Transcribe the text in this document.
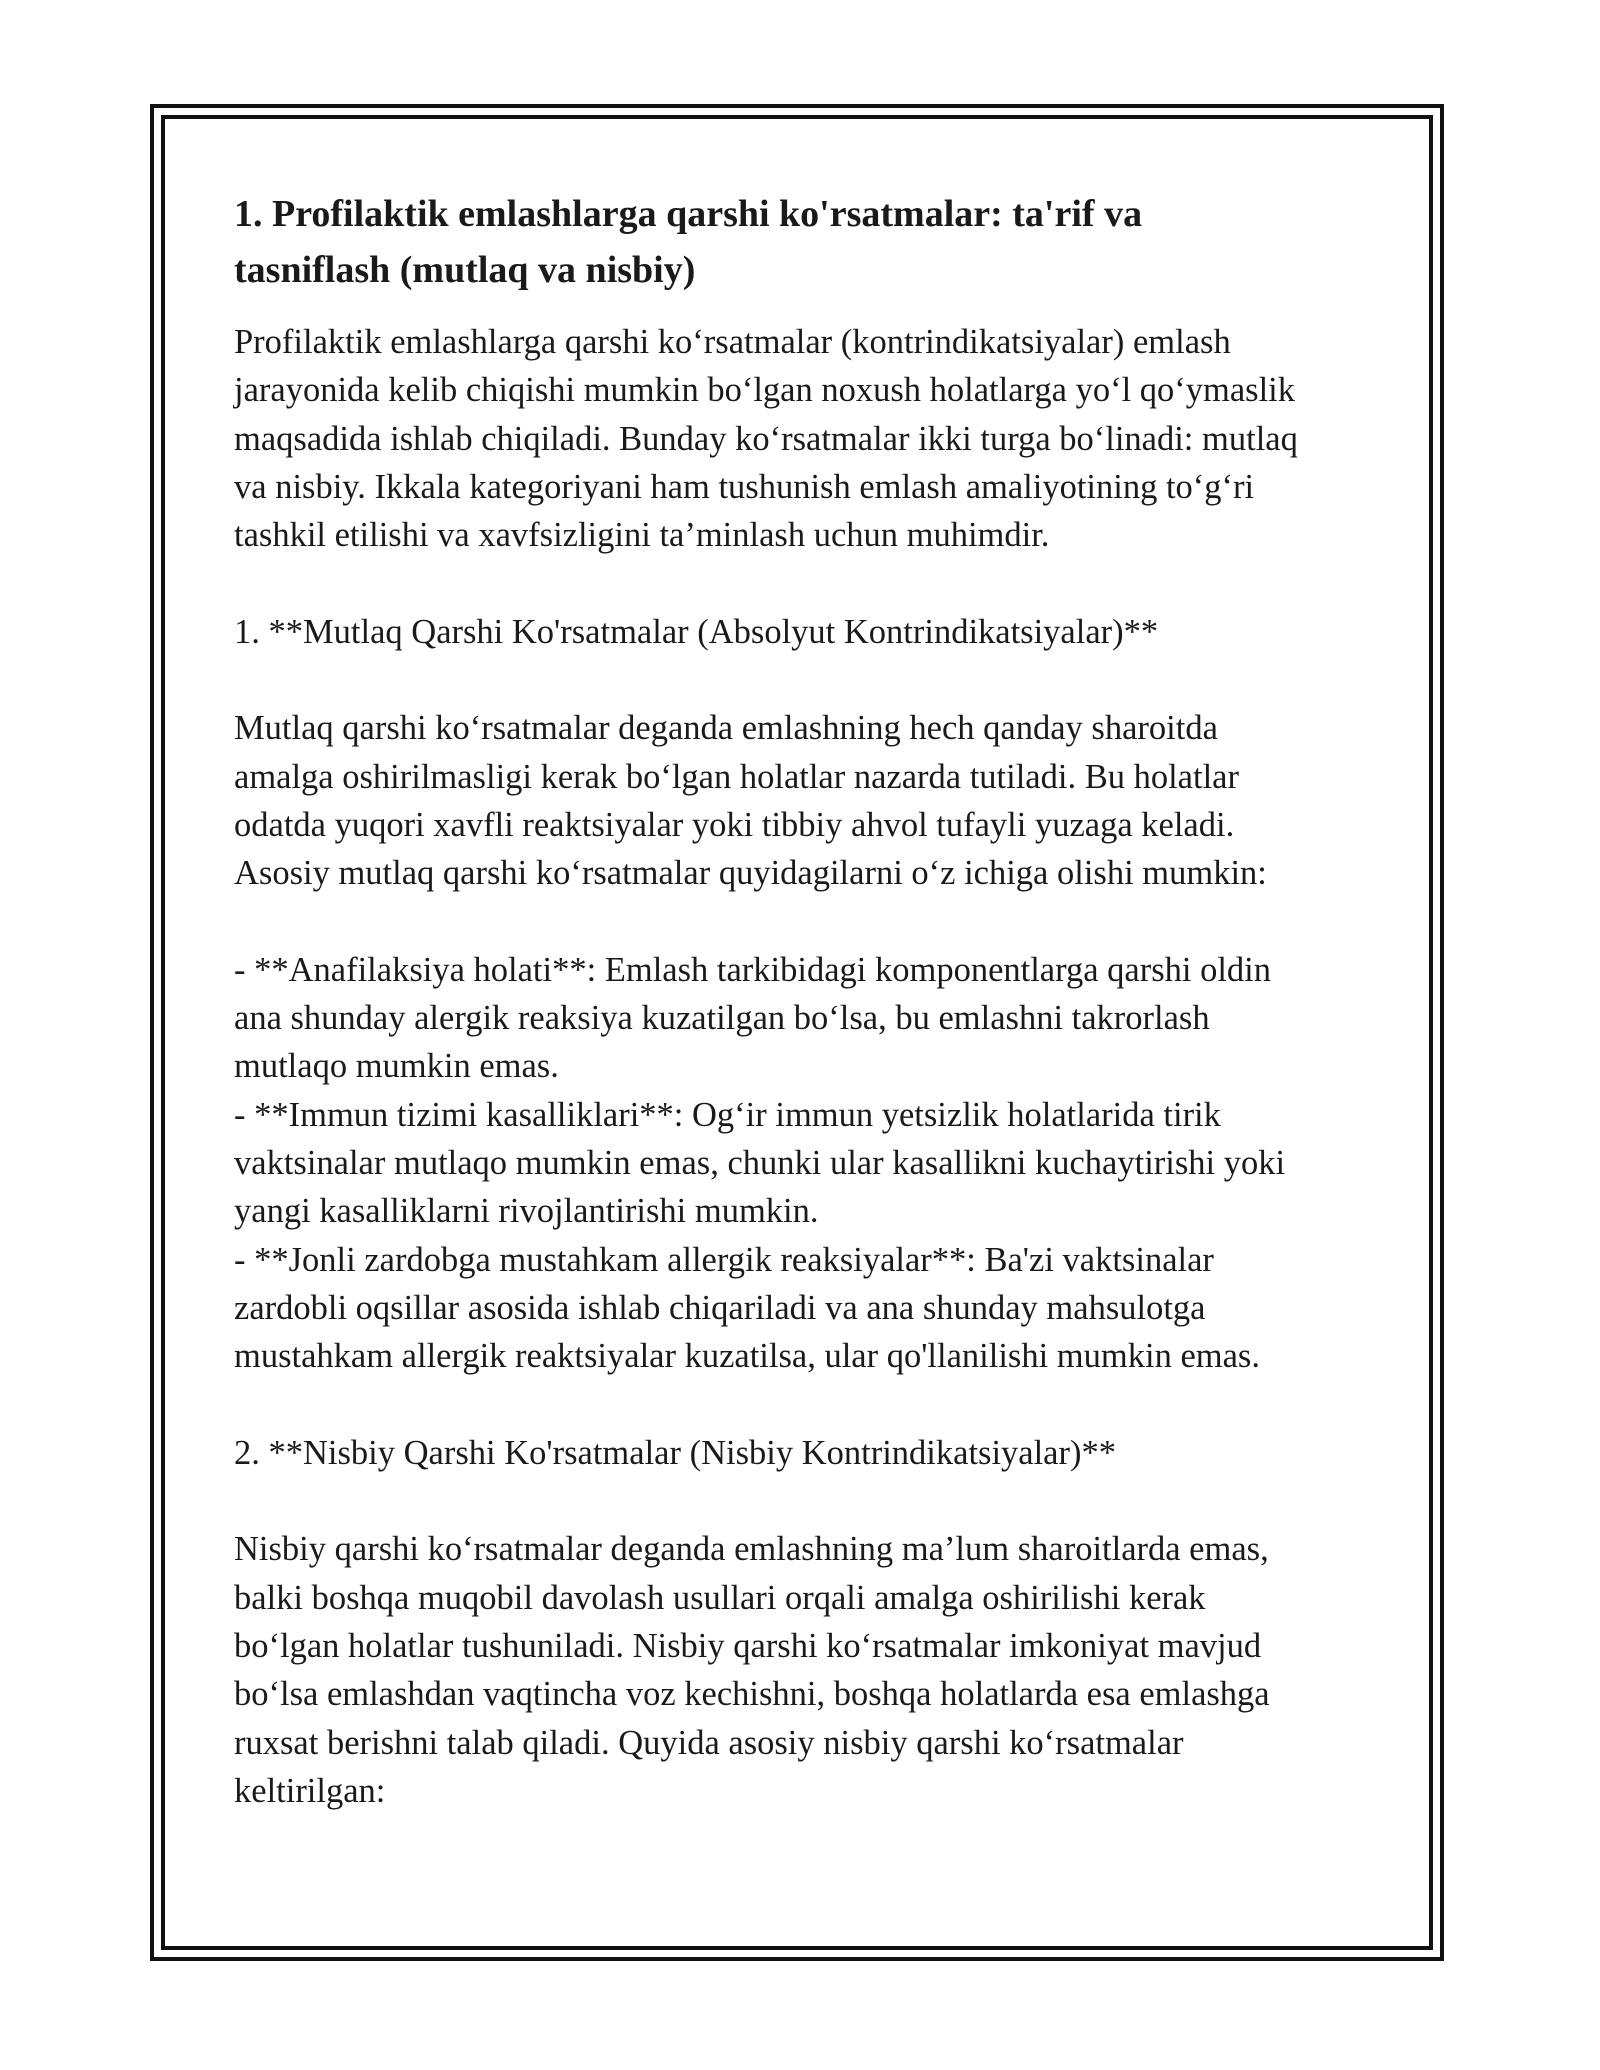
1. Profilaktik emlashlarga qarshi ko'rsatmalar: ta'rif va
tasniflash (mutlaq va nisbiy)

Profilaktik emlashlarga qarshi ko‘rsatmalar (kontrindikatsiyalar) emlash
jarayonida kelib chiqishi mumkin bo‘lgan noxush holatlarga yo‘l qo‘ymaslik
maqsadida ishlab chiqiladi. Bunday ko‘rsatmalar ikki turga bo‘linadi: mutlaq
va nisbiy. Ikkala kategoriyani ham tushunish emlash amaliyotining to‘g‘ri
tashkil etilishi va xavfsizligini ta’minlash uchun muhimdir.

1. **Mutlaq Qarshi Ko'rsatmalar (Absolyut Kontrindikatsiyalar)**

Mutlaq qarshi ko‘rsatmalar deganda emlashning hech qanday sharoitda
amalga oshirilmasligi kerak bo‘lgan holatlar nazarda tutiladi. Bu holatlar
odatda yuqori xavfli reaktsiyalar yoki tibbiy ahvol tufayli yuzaga keladi.
Asosiy mutlaq qarshi ko‘rsatmalar quyidagilarni o‘z ichiga olishi mumkin:

- **Anafilaksiya holati**: Emlash tarkibidagi komponentlarga qarshi oldin
ana shunday alergik reaksiya kuzatilgan bo‘lsa, bu emlashni takrorlash
mutlaqo mumkin emas.
- **Immun tizimi kasalliklari**: Og‘ir immun yetsizlik holatlarida tirik
vaktsinalar mutlaqo mumkin emas, chunki ular kasallikni kuchaytirishi yoki
yangi kasalliklarni rivojlantirishi mumkin.
- **Jonli zardobga mustahkam allergik reaksiyalar**: Ba'zi vaktsinalar
zardobli oqsillar asosida ishlab chiqariladi va ana shunday mahsulotga
mustahkam allergik reaktsiyalar kuzatilsa, ular qo'llanilishi mumkin emas.

2. **Nisbiy Qarshi Ko'rsatmalar (Nisbiy Kontrindikatsiyalar)**

Nisbiy qarshi ko‘rsatmalar deganda emlashning ma’lum sharoitlarda emas,
balki boshqa muqobil davolash usullari orqali amalga oshirilishi kerak
bo‘lgan holatlar tushuniladi. Nisbiy qarshi ko‘rsatmalar imkoniyat mavjud
bo‘lsa emlashdan vaqtincha voz kechishni, boshqa holatlarda esa emlashga
ruxsat berishni talab qiladi. Quyida asosiy nisbiy qarshi ko‘rsatmalar
keltirilgan:
